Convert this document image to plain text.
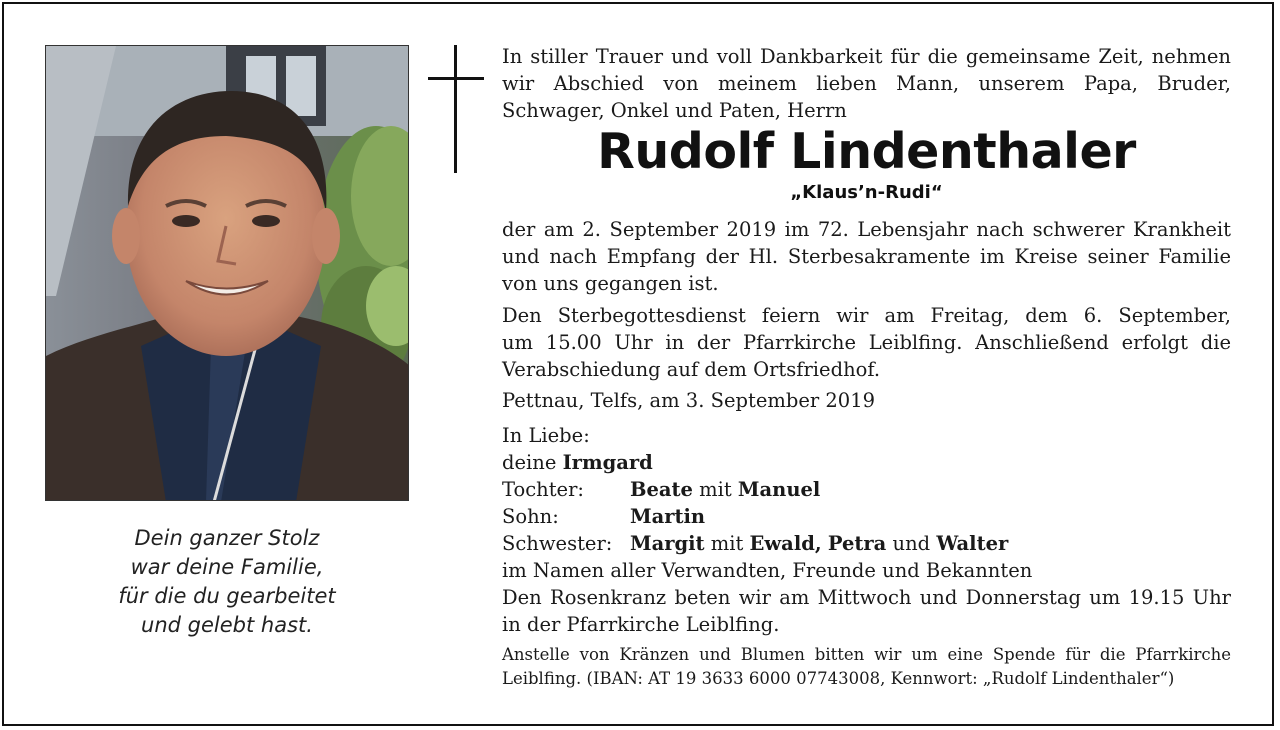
Dein ganzer Stolz
war deine Familie,
für die du gearbeitet
und gelebt hast.
In stiller Trauer und voll Dankbarkeit für die gemeinsame Zeit, nehmen
wir Abschied von meinem lieben Mann, unserem Papa, Bruder,
Schwager, Onkel und Paten, Herrn
Rudolf Lindenthaler
„Klaus’n-Rudi“
der am 2. September 2019 im 72. Lebensjahr nach schwerer Krankheit
und nach Empfang der Hl. Sterbesakramente im Kreise seiner Familie
von uns gegangen ist.
Den Sterbegottesdienst feiern wir am Freitag, dem 6. September,
um 15.00 Uhr in der Pfarrkirche Leiblfing. Anschließend erfolgt die
Verabschiedung auf dem Ortsfriedhof.
Pettnau, Telfs, am 3. September 2019
In Liebe:
deine
Irmgard
Tochter:	Beate mit Manuel
Sohn:	Martin
Schwester: Margit mit Ewald, Petra und Walter
im Namen aller Verwandten, Freunde und Bekannten
Den Rosenkranz beten wir am Mittwoch und Donnerstag um 19.15 Uhr
in der Pfarrkirche Leiblfing.
Anstelle von Kränzen und Blumen bitten wir um eine Spende für die Pfarrkirche
Leiblfing. (IBAN: AT 19 3633 6000 07743008, Kennwort: „Rudolf Lindenthaler“)
